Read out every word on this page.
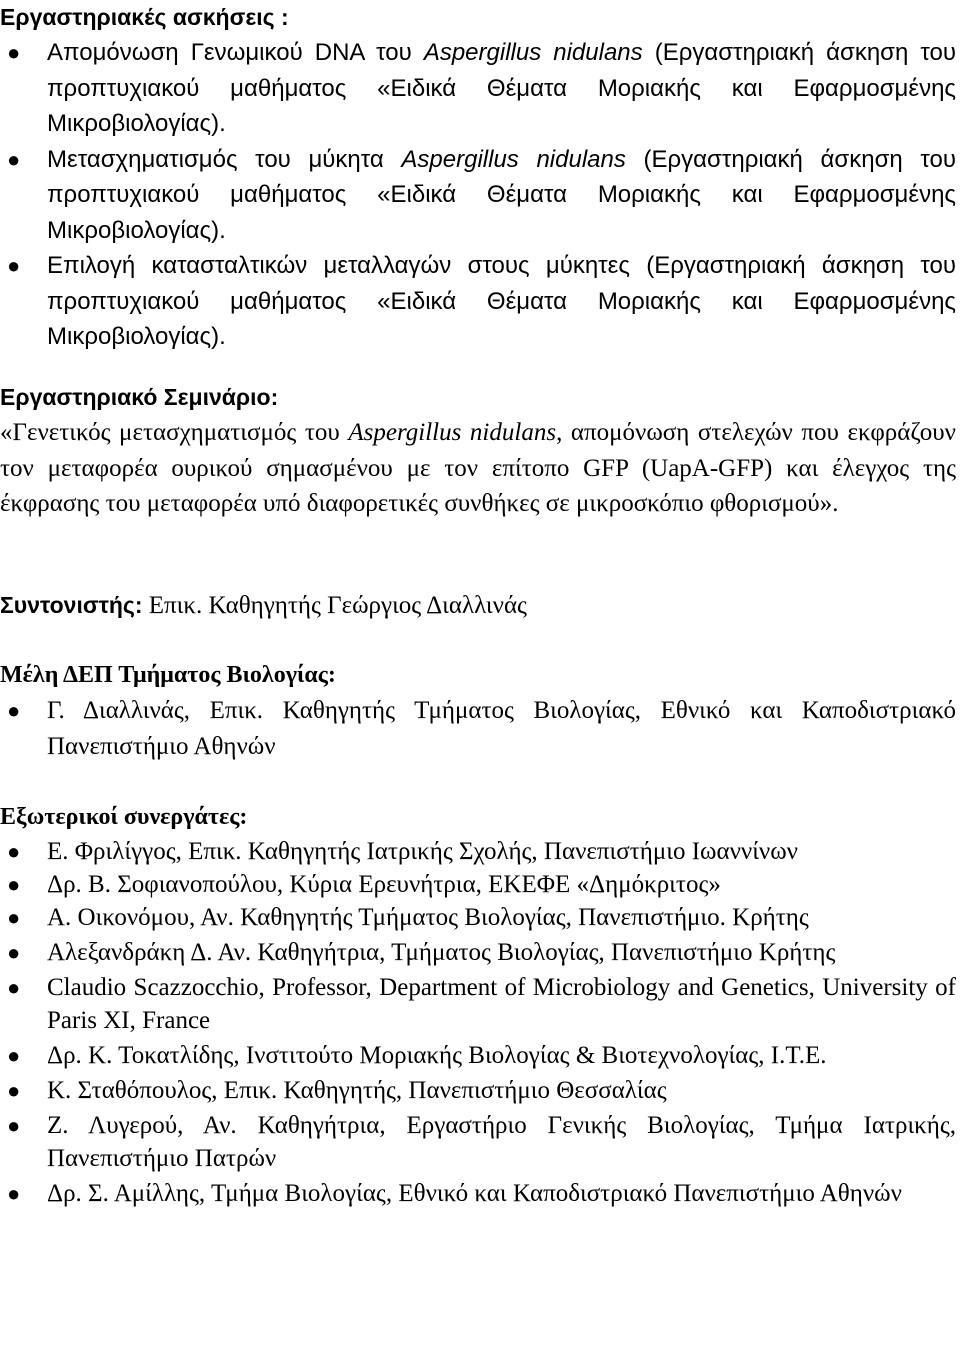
Εργαστηριακές ασκήσεις :
● Απομόνωση Γενωμικού DNA του Aspergillus nidulans (Εργαστηριακή άσκηση του προπτυχιακού μαθήματος «Ειδικά Θέματα Μοριακής και Εφαρμοσμένης Μικροβιολογίας).
● Μετασχηματισμός του μύκητα Aspergillus nidulans (Εργαστηριακή άσκηση του προπτυχιακού μαθήματος «Ειδικά Θέματα Μοριακής και Εφαρμοσμένης Μικροβιολογίας).
● Επιλογή κατασταλτικών μεταλλαγών στους μύκητες (Εργαστηριακή άσκηση του προπτυχιακού μαθήματος «Ειδικά Θέματα Μοριακής και Εφαρμοσμένης Μικροβιολογίας).
Εργαστηριακό Σεμινάριο:

«Γενετικός μετασχηματισμός του Aspergillus nidulans, απομόνωση στελεχών που εκφράζουν τον μεταφορέα ουρικού σημασμένου με τον επίτοπο GFP (UapA-GFP) και έλεγχος της έκφρασης του μεταφορέα υπό διαφορετικές συνθήκες σε μικροσκόπιο φθορισμού».

Συντονιστής: Επικ. Καθηγητής Γεώργιος Διαλλινάς

Μέλη ΔΕΠ Τμήματος Βιολογίας:
● Γ. Διαλλινάς, Επικ. Καθηγητής Τμήματος Βιολογίας, Εθνικό και Καποδιστριακό Πανεπιστήμιο Αθηνών
Εξωτερικοί συνεργάτες:
● Ε. Φριλίγγος, Επικ. Καθηγητής Ιατρικής Σχολής, Πανεπιστήμιο Ιωαννίνων
● Δρ. Β. Σοφιανοπούλου, Κύρια Ερευνήτρια, ΕΚΕΦΕ «Δημόκριτος»
● Α. Οικονόμου, Αν. Καθηγητής Τμήματος Βιολογίας, Πανεπιστήμιο. Κρήτης
● Αλεξανδράκη Δ. Αν. Καθηγήτρια, Τμήματος Βιολογίας, Πανεπιστήμιο Κρήτης
● Claudio Scazzocchio, Professor, Department of Microbiology and Genetics, University of Paris XI, France
● Δρ. Κ. Τοκατλίδης, Ινστιτούτο Μοριακής Βιολογίας & Βιοτεχνολογίας, Ι.Τ.Ε.
● Κ. Σταθόπουλος, Επικ. Καθηγητής, Πανεπιστήμιο Θεσσαλίας
● Ζ. Λυγερού, Αν. Καθηγήτρια, Εργαστήριο Γενικής Βιολογίας, Τμήμα Ιατρικής, Πανεπιστήμιο Πατρών
● Δρ. Σ. Αμίλλης, Τμήμα Βιολογίας, Εθνικό και Καποδιστριακό Πανεπιστήμιο Αθηνών
